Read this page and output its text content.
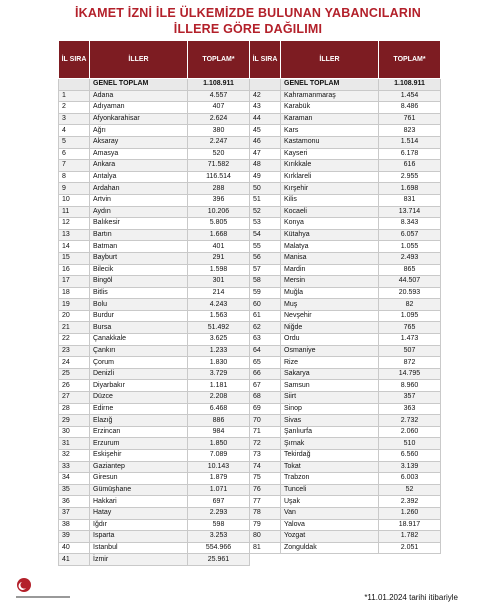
İKAMET İZNİ İLE ÜLKEMİZDE BULUNAN YABANCILARIN
İLLERE GÖRE DAĞILIMI
İL SIRA	İLLER	TOPLAM*	İL SIRA	İLLER	TOPLAM*
	GENEL TOPLAM	1.108.911		GENEL TOPLAM	1.108.911
1	Adana	4.557	42	Kahramanmaraş	1.454
2	Adıyaman	407	43	Karabük	8.486
3	Afyonkarahisar	2.624	44	Karaman	761
4	Ağrı	380	45	Kars	823
5	Aksaray	2.247	46	Kastamonu	1.514
6	Amasya	520	47	Kayseri	6.178
7	Ankara	71.582	48	Kırıkkale	616
8	Antalya	116.514	49	Kırklareli	2.955
9	Ardahan	288	50	Kırşehir	1.698
10	Artvin	396	51	Kilis	831
11	Aydın	10.206	52	Kocaeli	13.714
12	Balıkesir	5.805	53	Konya	8.343
13	Bartın	1.668	54	Kütahya	6.057
14	Batman	401	55	Malatya	1.055
15	Bayburt	291	56	Manisa	2.493
16	Bilecik	1.598	57	Mardin	865
17	Bingöl	301	58	Mersin	44.507
18	Bitlis	214	59	Muğla	20.593
19	Bolu	4.243	60	Muş	82
20	Burdur	1.563	61	Nevşehir	1.095
21	Bursa	51.492	62	Niğde	765
22	Çanakkale	3.625	63	Ordu	1.473
23	Çankırı	1.233	64	Osmaniye	507
24	Çorum	1.830	65	Rize	872
25	Denizli	3.729	66	Sakarya	14.795
26	Diyarbakır	1.181	67	Samsun	8.960
27	Düzce	2.208	68	Siirt	357
28	Edirne	6.468	69	Sinop	363
29	Elazığ	886	70	Sivas	2.732
30	Erzincan	984	71	Şanlıurfa	2.060
31	Erzurum	1.850	72	Şırnak	510
32	Eskişehir	7.089	73	Tekirdağ	6.560
33	Gaziantep	10.143	74	Tokat	3.139
34	Giresun	1.879	75	Trabzon	6.003
35	Gümüşhane	1.071	76	Tunceli	52
36	Hakkari	697	77	Uşak	2.392
37	Hatay	2.293	78	Van	1.260
38	Iğdır	598	79	Yalova	18.917
39	Isparta	3.253	80	Yozgat	1.782
40	İstanbul	554.966	81	Zonguldak	2.051
41	İzmir	25.961			
*11.01.2024 tarihi itibariyle
